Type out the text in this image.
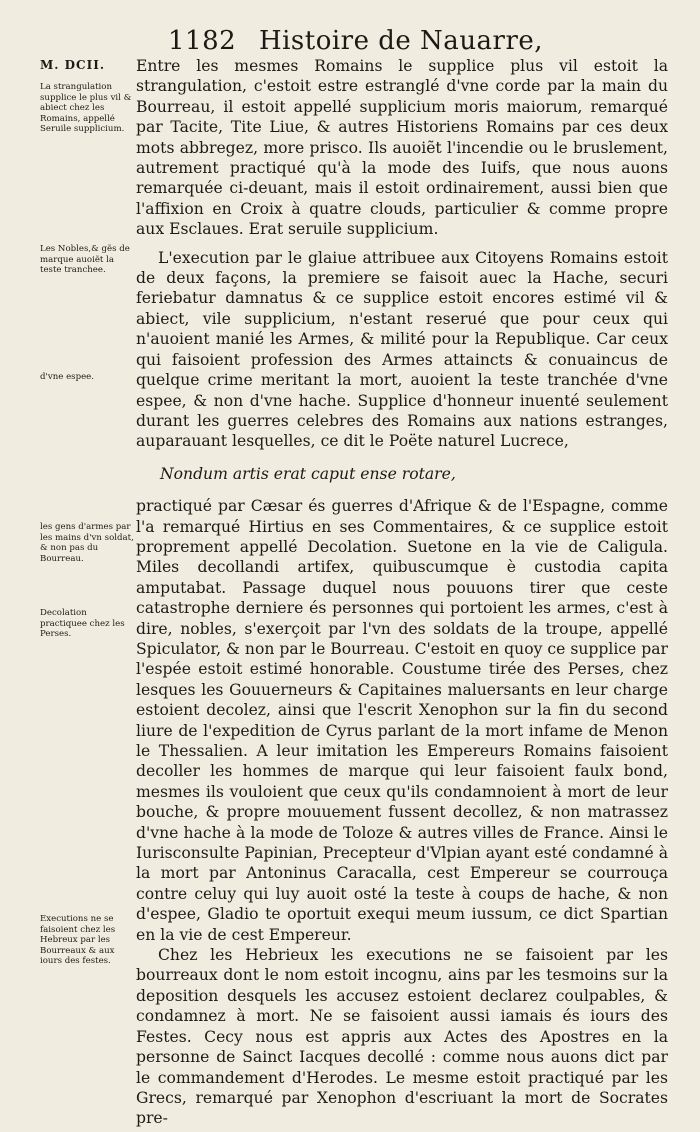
1182 Histoire de Nauarre,
M. DCII.
La strangulation supplice le plus vil & abiect chez les Romains, appellé Seruile supplicium.
Les Nobles,& gẽs de marque auoiẽt la teste tranchee.
d'vne espee.
les gens d'armes par les mains d'vn soldat, & non pas du Bourreau.
Decolation practiquee chez les Perses.
Executions ne se faisoient chez les Hebreux par les Bourreaux & aux iours des festes.

Entre les mesmes Romains le supplice plus vil estoit la strangulation, c'estoit estre estranglé d'vne corde par la main du Bourreau, il estoit appellé supplicium moris maiorum, remarqué par Tacite, Tite Liue, & autres Historiens Romains par ces deux mots abbregez, more prisco. Ils auoiẽt l'incendie ou le bruslement, autrement practiqué qu'à la mode des Iuifs, que nous auons remarquée ci-deuant, mais il estoit ordinairement, aussi bien que l'affixion en Croix à quatre clouds, particulier & comme propre aux Esclaues. Erat seruile supplicium.

L'execution par le glaiue attribuee aux Citoyens Romains estoit de deux façons, la premiere se faisoit auec la Hache, securi feriebatur damnatus & ce supplice estoit encores estimé vil & abiect, vile supplicium, n'estant reserué que pour ceux qui n'auoient manié les Armes, & milité pour la Republique. Car ceux qui faisoient profession des Armes attaincts & conuaincus de quelque crime meritant la mort, auoient la teste tranchée d'vne espee, & non d'vne hache. Supplice d'honneur inuenté seulement durant les guerres celebres des Romains aux nations estranges, auparauant lesquelles, ce dit le Poëte naturel Lucrece,

Nondum artis erat caput ense rotare,

practiqué par Cæsar és guerres d'Afrique & de l'Espagne, comme l'a remarqué Hirtius en ses Commentaires, & ce supplice estoit proprement appellé Decolation. Suetone en la vie de Caligula. Miles decollandi artifex, quibuscumque è custodia capita amputabat. Passage duquel nous pouuons tirer que ceste catastrophe derniere és personnes qui portoient les armes, c'est à dire, nobles, s'exerçoit par l'vn des soldats de la troupe, appellé Spiculator, & non par le Bourreau. C'estoit en quoy ce supplice par l'espée estoit estimé honorable. Coustume tirée des Perses, chez lesques les Gouuerneurs & Capitaines maluersants en leur charge estoient decolez, ainsi que l'escrit Xenophon sur la fin du second liure de l'expedition de Cyrus parlant de la mort infame de Menon le Thessalien. A leur imitation les Empereurs Romains faisoient decoller les hommes de marque qui leur faisoient faulx bond, mesmes ils vouloient que ceux qu'ils condamnoient à mort de leur bouche, & propre mouuement fussent decollez, & non matrassez d'vne hache à la mode de Toloze & autres villes de France. Ainsi le Iurisconsulte Papinian, Precepteur d'Vlpian ayant esté condamné à la mort par Antoninus Caracalla, cest Empereur se courrouça contre celuy qui luy auoit osté la teste à coups de hache, & non d'espee, Gladio te oportuit exequi meum iussum, ce dict Spartian en la vie de cest Empereur.

Chez les Hebrieux les executions ne se faisoient par les bourreaux dont le nom estoit incognu, ains par les tesmoins sur la deposition desquels les accusez estoient declarez coulpables, & condamnez à mort. Ne se faisoient aussi iamais és iours des Festes. Cecy nous est appris aux Actes des Apostres en la personne de Sainct Iacques decollé : comme nous auons dict par le commandement d'Herodes. Le mesme estoit practiqué par les Grecs, remarqué par Xenophon d'escriuant la mort de Socrates pre-
